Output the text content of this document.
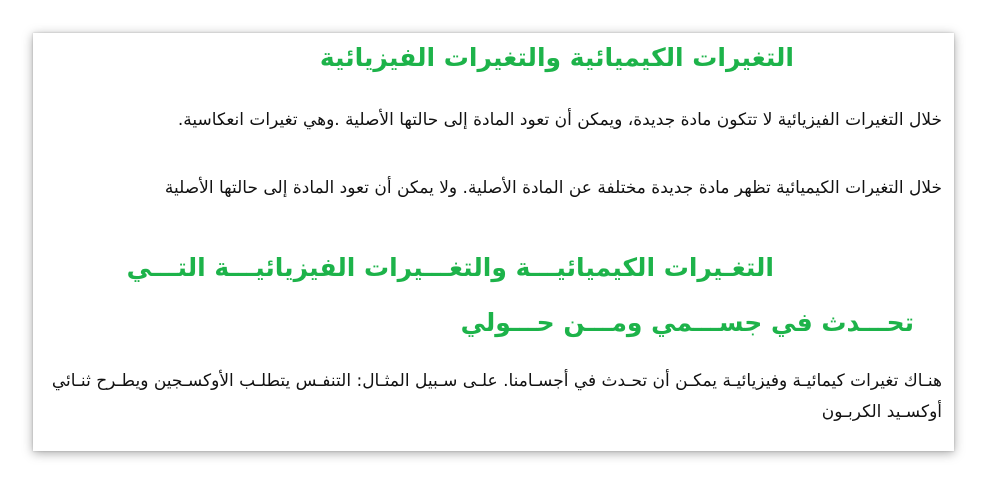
التغيرات الكيميائية والتغيرات الفيزيائية

خلال التغيرات الفيزيائية لا تتكون مادة جديدة، ويمكن أن تعود المادة إلى حالتها الأصلية .وهي تغيرات انعكاسية.

خلال التغيرات الكيميائية تظهر مادة جديدة مختلفة عن المادة الأصلية. ولا يمكن أن تعود المادة إلى حالتها الأصلية

التغـيرات الكيميائيـــة والتغـــيرات الفيزيائيـــة التـــي
تحـــدث في جســـمي ومـــن حـــولي

هنـاك تغيرات كيمائيـة وفيزيائيـة يمكـن أن تحـدث في أجسـامنا. علـى سـبيل المثـال: التنفـس يتطلـب الأوكسـجين ويطـرح ثنـائي أوكسـيد الكربـون
